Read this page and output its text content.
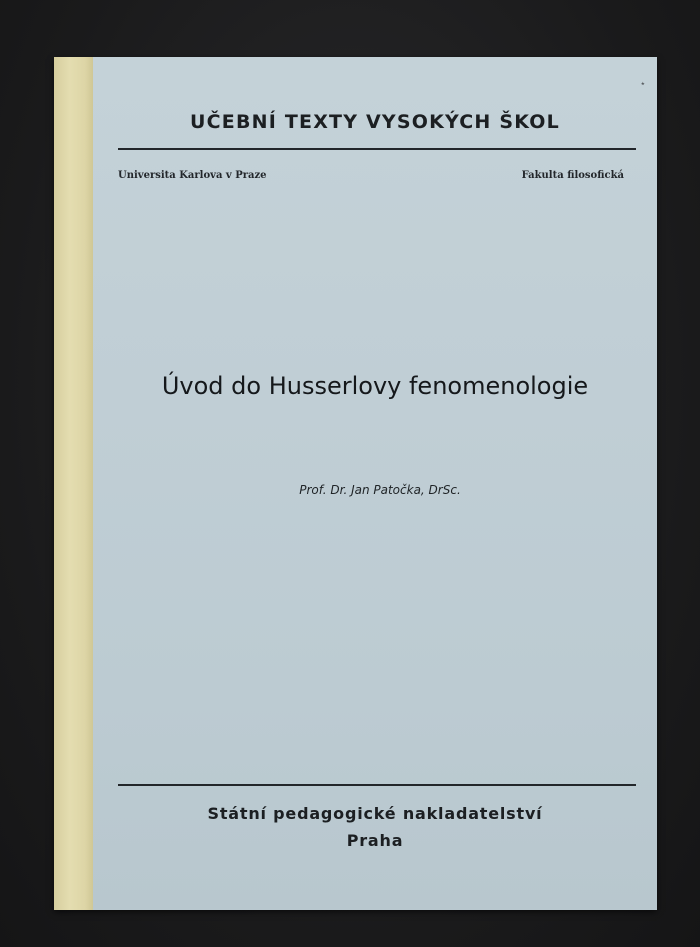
٭
UČEBNÍ TEXTY VYSOKÝCH ŠKOL
Universita Karlova v Praze	Fakulta filosofická
Úvod do Husserlovy fenomenologie
Prof. Dr. Jan Patočka, DrSc.
Státní pedagogické nakladatelství
Praha
